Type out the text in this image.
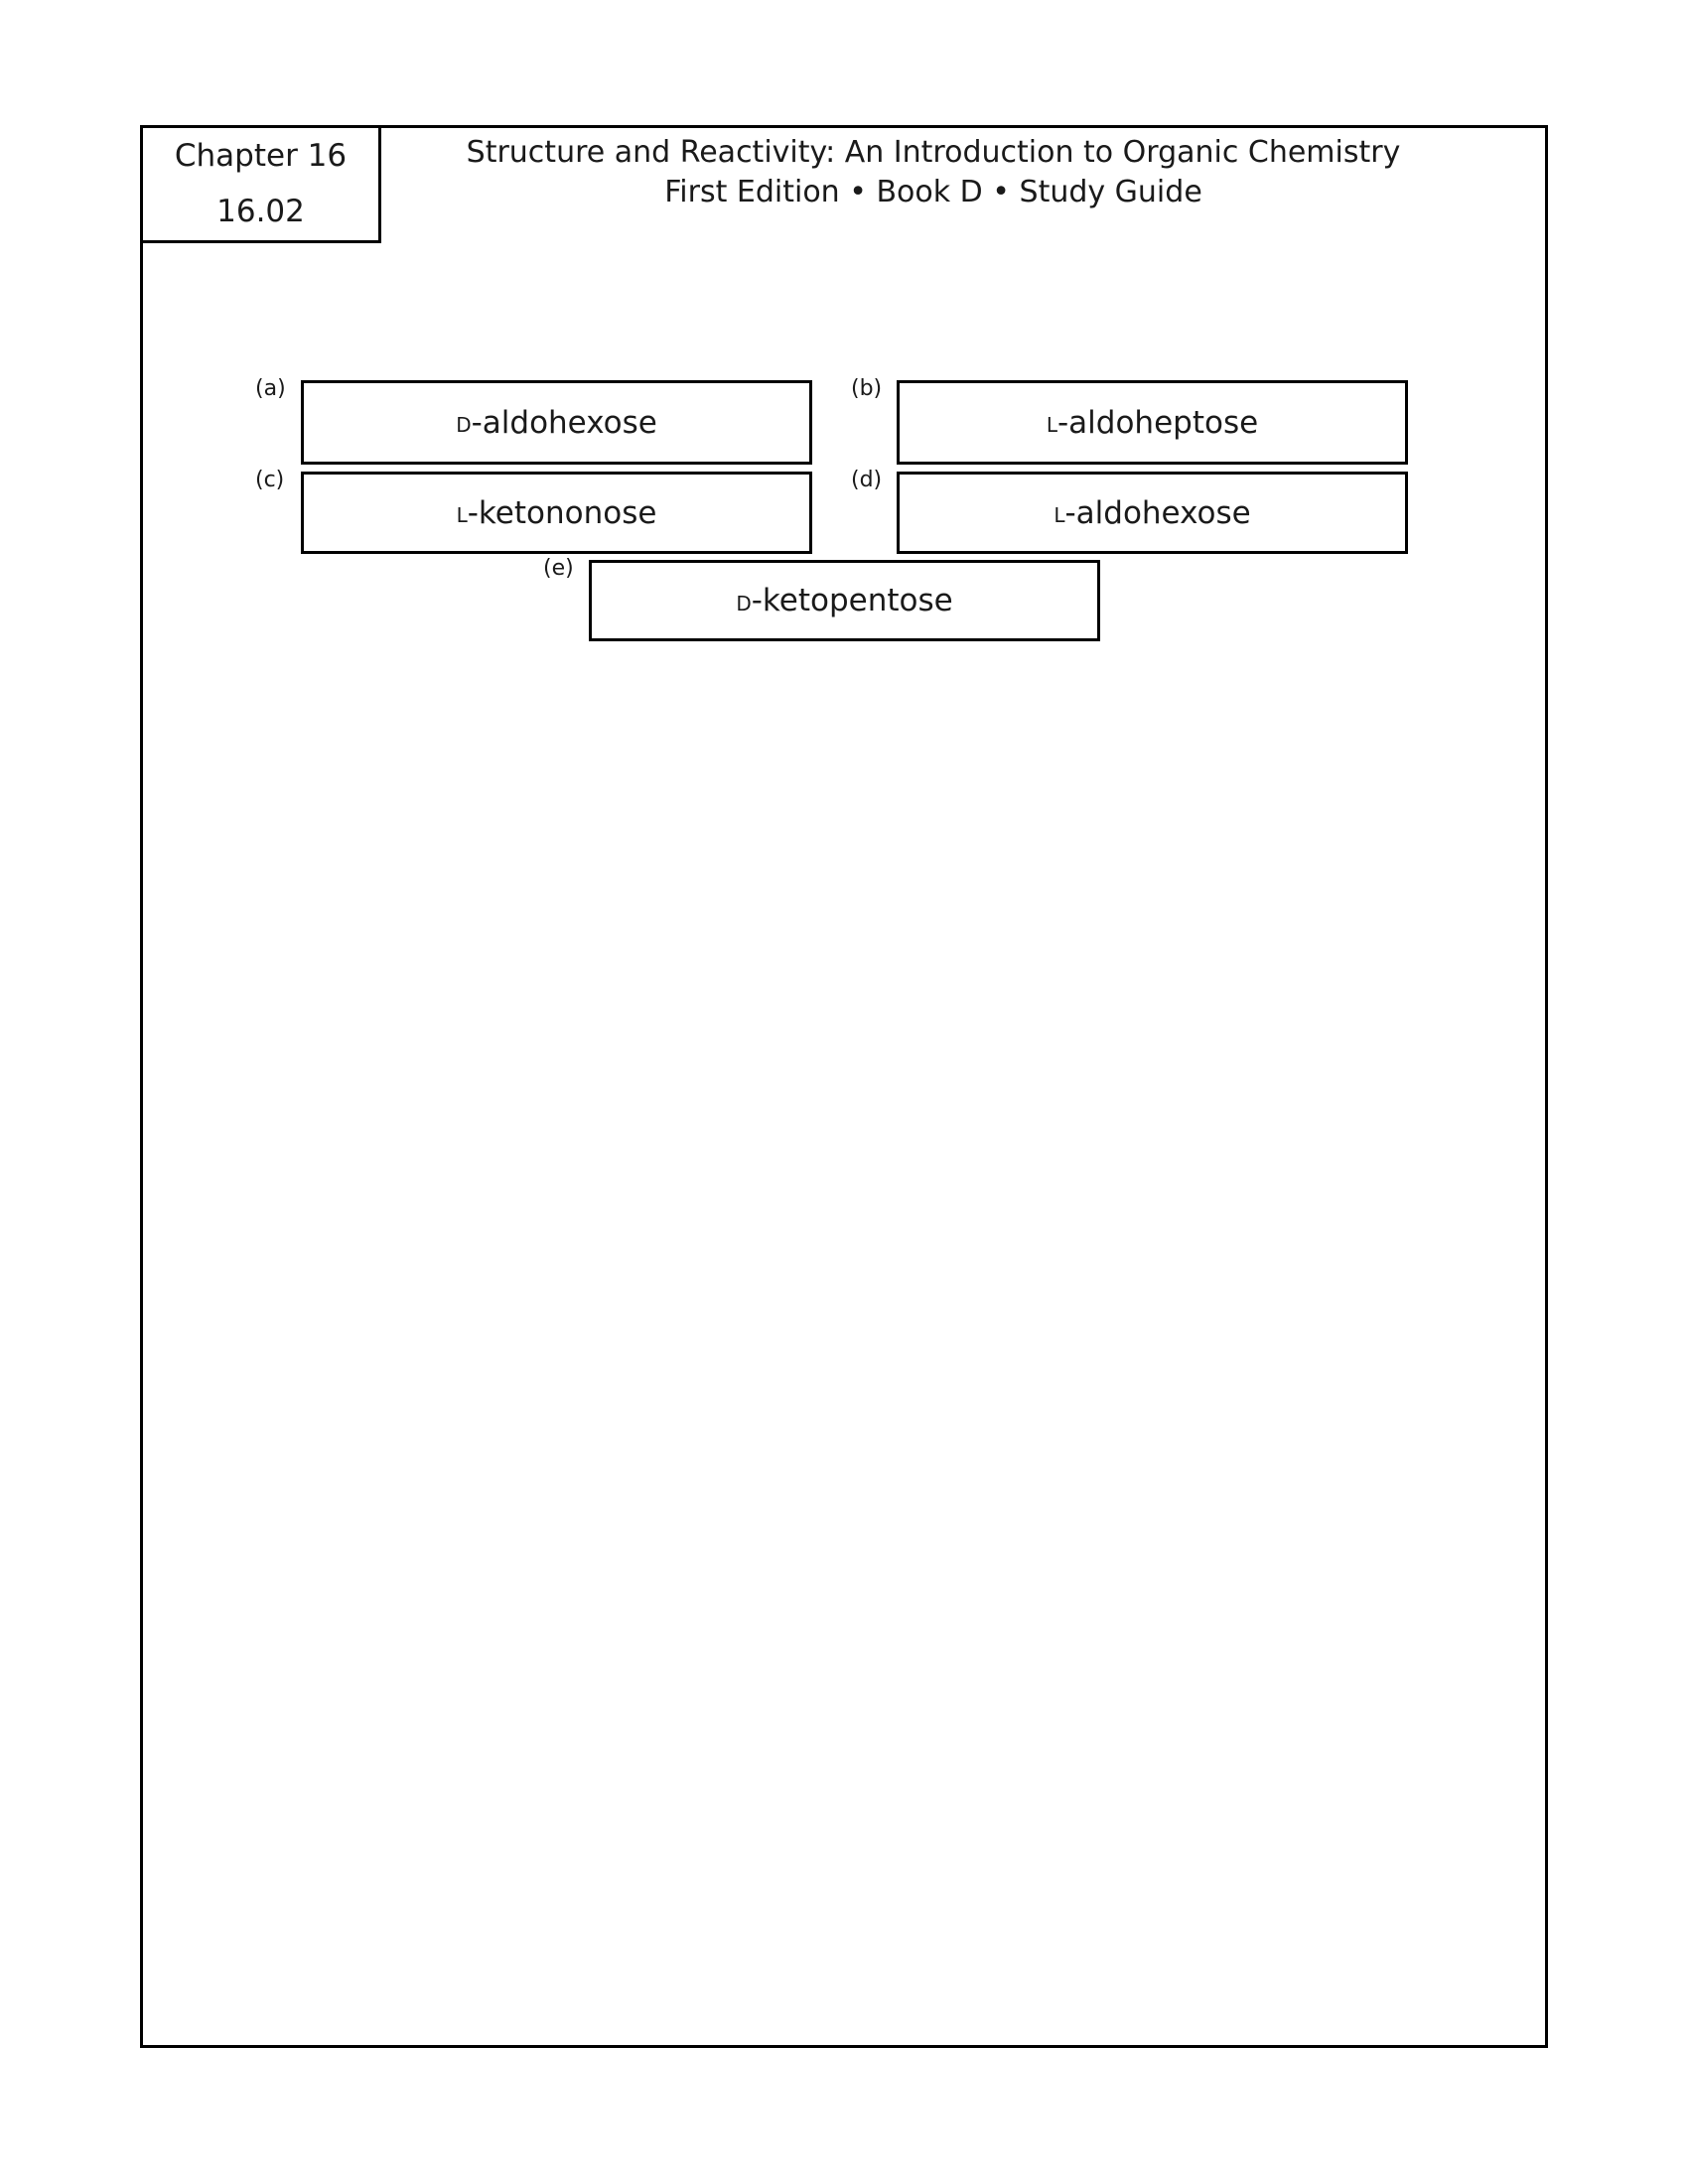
Chapter 16
16.02
Structure and Reactivity: An Introduction to Organic Chemistry
First Edition • Book D • Study Guide
(a)
d -aldohexose
(b)
l -aldoheptose
(c)
l -ketononose
(d)
l -aldohexose
(e)
d -ketopentose
